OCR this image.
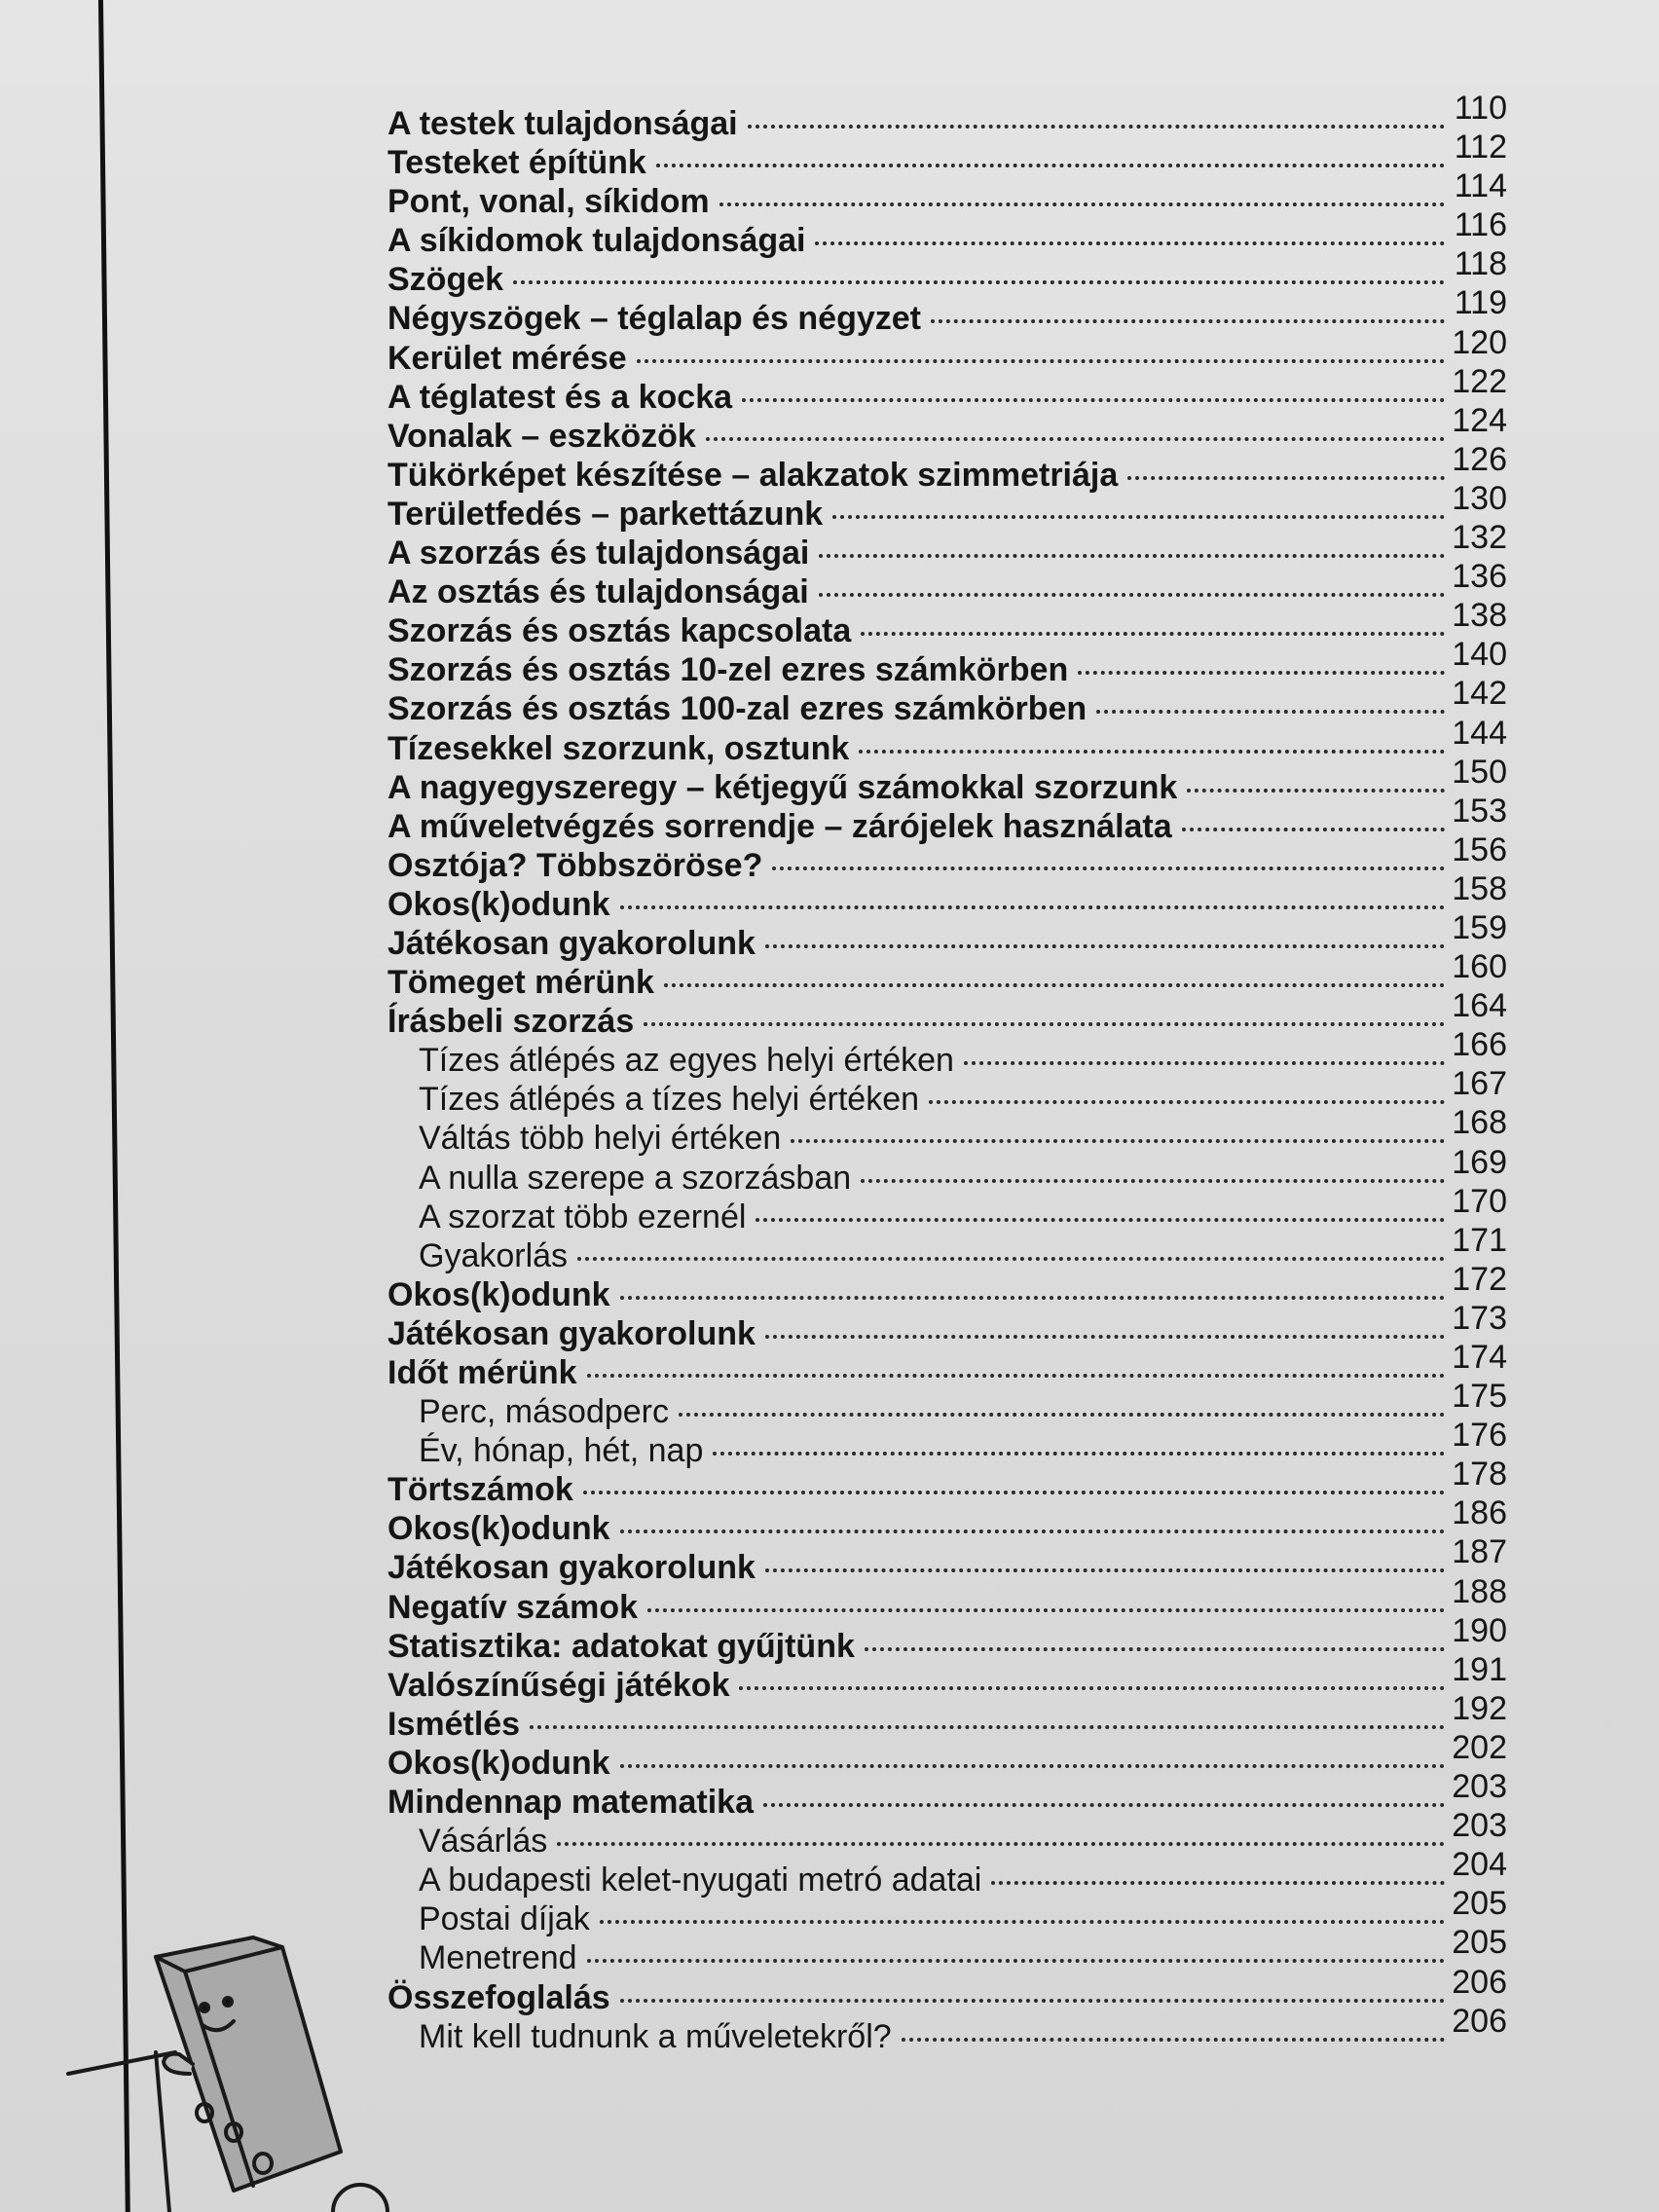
A testek tulajdonságai	110
Testeket építünk	112
Pont, vonal, síkidom	114
A síkidomok tulajdonságai	116
Szögek	118
Négyszögek – téglalap és négyzet	119
Kerület mérése	120
A téglatest és a kocka	122
Vonalak – eszközök	124
Tükörképet készítése – alakzatok szimmetriája	126
Területfedés – parkettázunk	130
A szorzás és tulajdonságai	132
Az osztás és tulajdonságai	136
Szorzás és osztás kapcsolata	138
Szorzás és osztás 10-zel ezres számkörben	140
Szorzás és osztás 100-zal ezres számkörben	142
Tízesekkel szorzunk, osztunk	144
A nagyegyszeregy – kétjegyű számokkal szorzunk	150
A műveletvégzés sorrendje – zárójelek használata	153
Osztója? Többszöröse?	156
Okos(k)odunk	158
Játékosan gyakorolunk	159
Tömeget mérünk	160
Írásbeli szorzás	164
Tízes átlépés az egyes helyi értéken	166
Tízes átlépés a tízes helyi értéken	167
Váltás több helyi értéken	168
A nulla szerepe a szorzásban	169
A szorzat több ezernél	170
Gyakorlás	171
Okos(k)odunk	172
Játékosan gyakorolunk	173
Időt mérünk	174
Perc, másodperc	175
Év, hónap, hét, nap	176
Törtszámok	178
Okos(k)odunk	186
Játékosan gyakorolunk	187
Negatív számok	188
Statisztika: adatokat gyűjtünk	190
Valószínűségi játékok	191
Ismétlés	192
Okos(k)odunk	202
Mindennap matematika	203
Vásárlás	203
A budapesti kelet-nyugati metró adatai	204
Postai díjak	205
Menetrend	205
Összefoglalás	206
Mit kell tudnunk a műveletekről?	206
